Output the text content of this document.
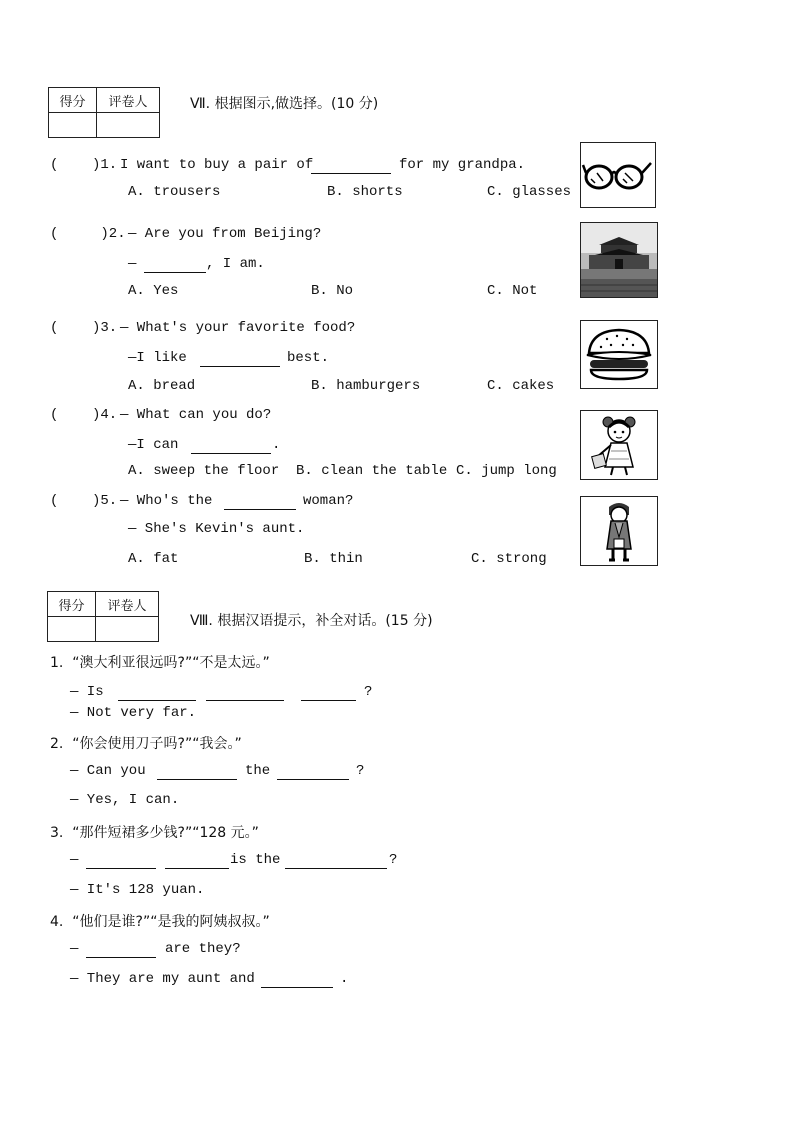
得分	评卷人
		Ⅶ. 根据图示,做选择。(10 分)
(    )1. I want to buy a pair of	for my grandpa.
A. trousers	B. shorts	C. glasses
(     )2. — Are you from Beijing?
—	, I am.
A. Yes	B. No	C. Not
(    )3. — What's your favorite food?
—I like	best.
A. bread	B. hamburgers	C. cakes
(    )4. — What can you do?
—I can	.
A. sweep the floor B. clean the table C. jump long
(    )5. — Who's the	woman?
— She's Kevin's aunt.
A. fat	B. thin	C. strong
得分	评卷人

Ⅷ. 根据汉语提示，补全对话。(15 分)
1.  “澳大利亚很远吗?”“不是太远。”
— Is	?
— Not very far.
2.  “你会使用刀子吗?”“我会。”
— Can you	the	?
— Yes, I can.
3.  “那件短裙多少钱?”“128 元。”
—	is the	?
— It's 128 yuan.
4.  “他们是谁?”“是我的阿姨叔叔。”
—	are they?
— They are my aunt and	.
